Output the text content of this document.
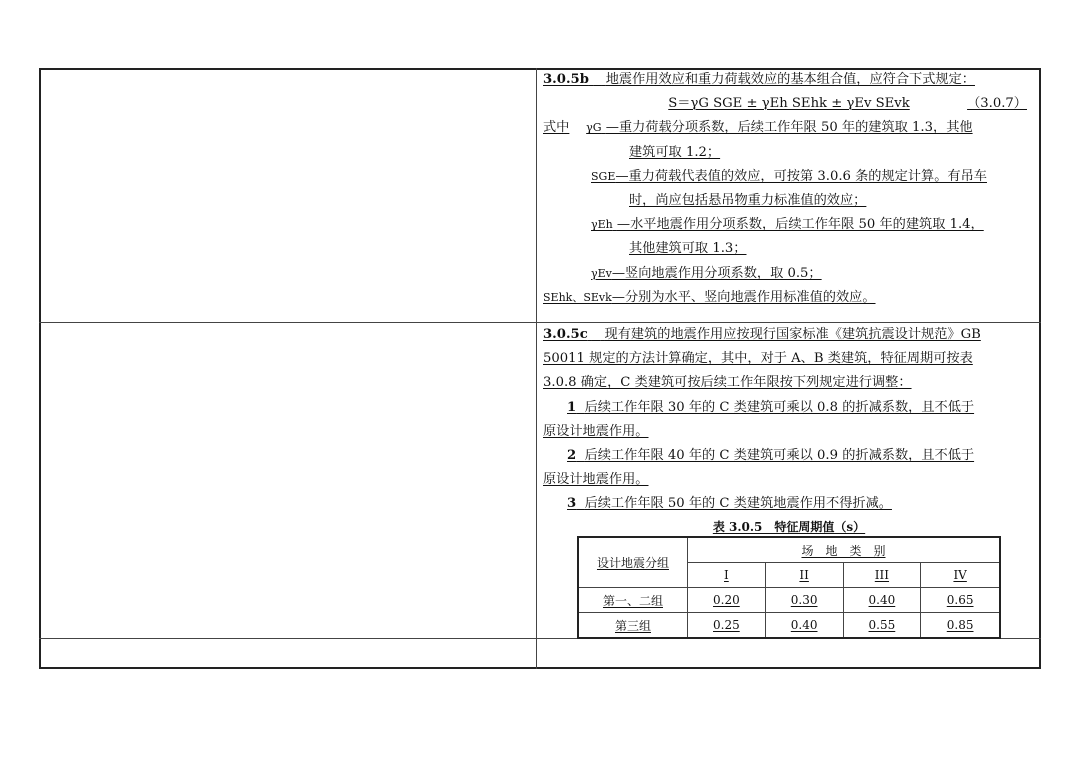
3.0.5b 地震作用效应和重力荷载效应的基本组合值，应符合下式规定：
S＝γG SGE ± γEh SEhk ± γEv SEvk	（3.0.7）
式中 γG —重力荷载分项系数，后续工作年限 50 年的建筑取 1.3，其他
建筑可取 1.2；
SGE—重力荷载代表值的效应，可按第 3.0.6 条的规定计算。有吊车
时，尚应包括悬吊物重力标准值的效应；
γEh —水平地震作用分项系数，后续工作年限 50 年的建筑取 1.4，
其他建筑可取 1.3；
γEv—竖向地震作用分项系数，取 0.5；
SEhk、SEvk—分别为水平、竖向地震作用标准值的效应。
3.0.5c 现有建筑的地震作用应按现行国家标准《建筑抗震设计规范》GB
50011 规定的方法计算确定，其中，对于 A、B 类建筑，特征周期可按表
3.0.8 确定，C 类建筑可按后续工作年限按下列规定进行调整：
1 后续工作年限 30 年的 C 类建筑可乘以 0.8 的折减系数，且不低于
原设计地震作用。
2 后续工作年限 40 年的 C 类建筑可乘以 0.9 的折减系数，且不低于
原设计地震作用。
3 后续工作年限 50 年的 C 类建筑地震作用不得折减。
表 3.0.5　特征周期值（s）
设计地震分组	场　地　类　别			
	I	II	III	IV
第一、二组	0.20	0.30	0.40	0.65
第三组	0.25	0.40	0.55	0.85
